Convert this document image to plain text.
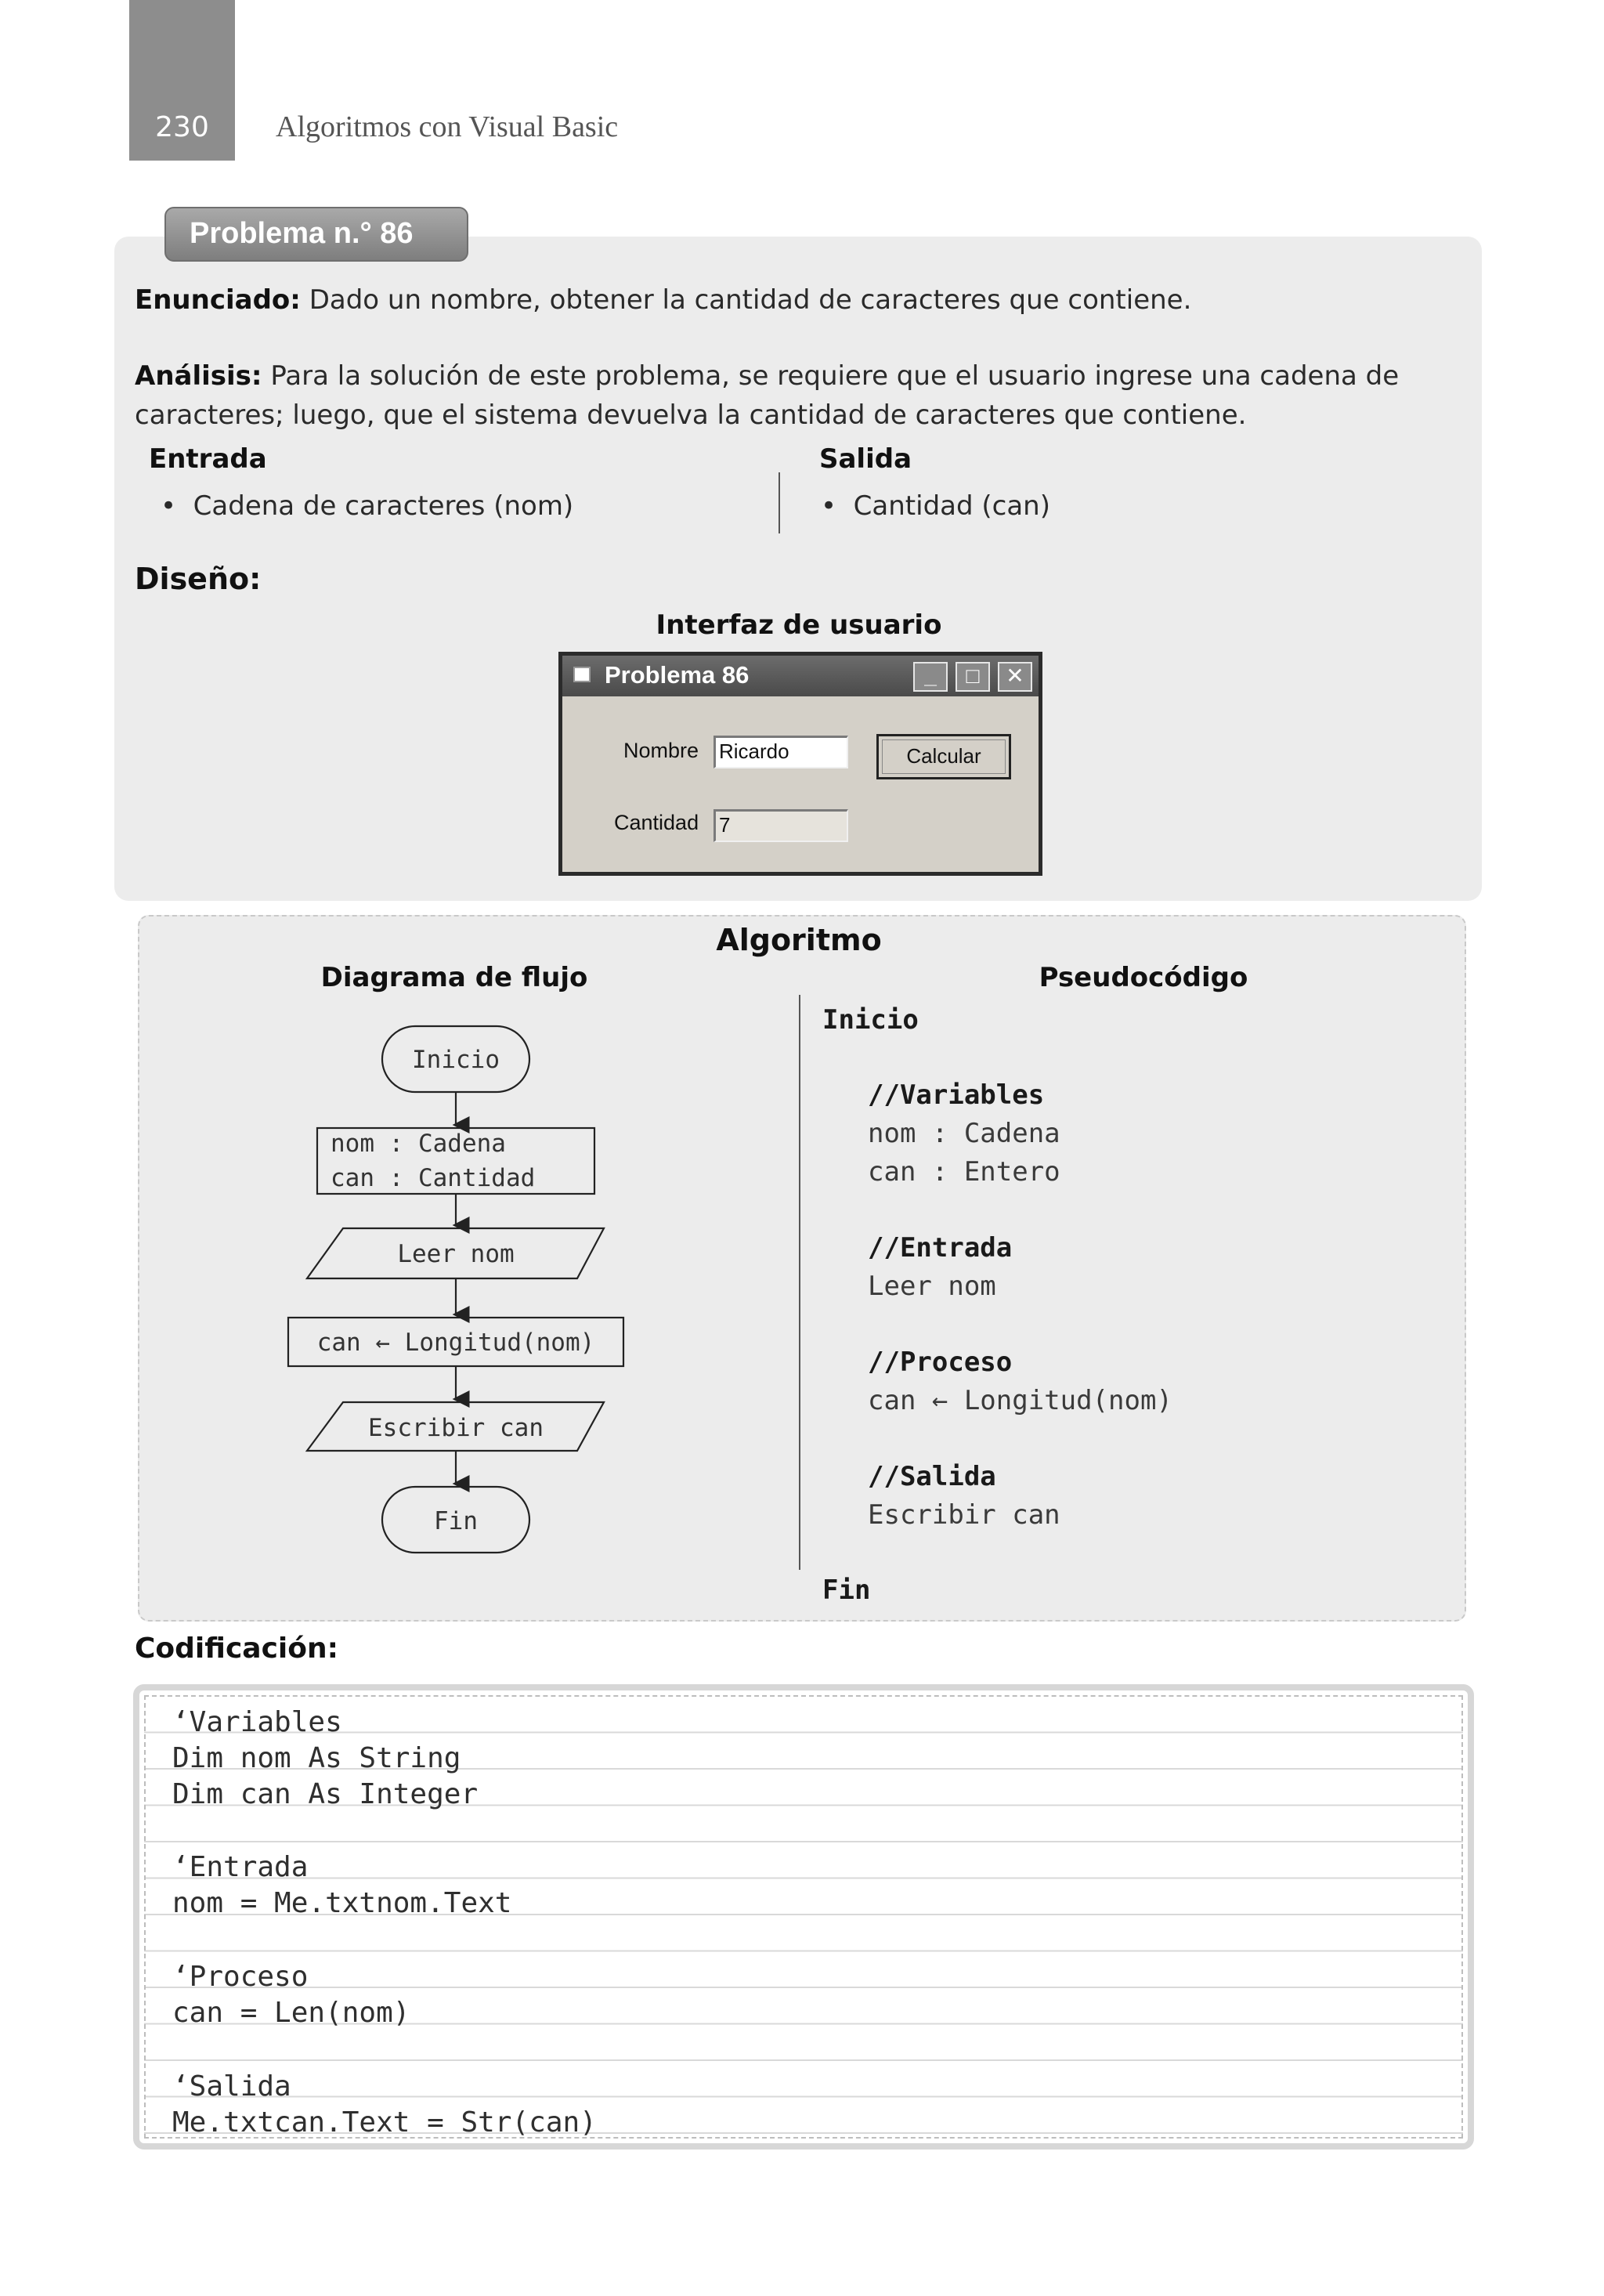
230	Algoritmos con Visual Basic
Problema n.° 86
Enunciado: Dado un nombre, obtener la cantidad de caracteres que contiene.
Análisis: Para la solución de este problema, se requiere que el usuario ingrese una cadena de caracteres; luego, que el sistema devuelva la cantidad de caracteres que contiene.
Entrada	Salida
•  Cadena de caracteres (nom)	•  Cantidad (can)
Diseño:
Interfaz de usuario
Problema 86	_	□	✕
Nombre Ricardo	Calcular
Cantidad 7
Algoritmo
Diagrama de flujo	Pseudocódigo
Inicio
nom : Cadena
can : Cantidad
Leer nom
can ← Longitud(nom)
Escribir can
Fin
Inicio
//Variables
nom : Cadena
can : Entero
//Entrada
Leer nom
//Proceso
can ← Longitud(nom)
//Salida
Escribir can
Fin
Codificación:
‘Variables
Dim nom As String
Dim can As Integer
‘Entrada
nom = Me.txtnom.Text
‘Proceso
can = Len(nom)
‘Salida
Me.txtcan.Text = Str(can)
